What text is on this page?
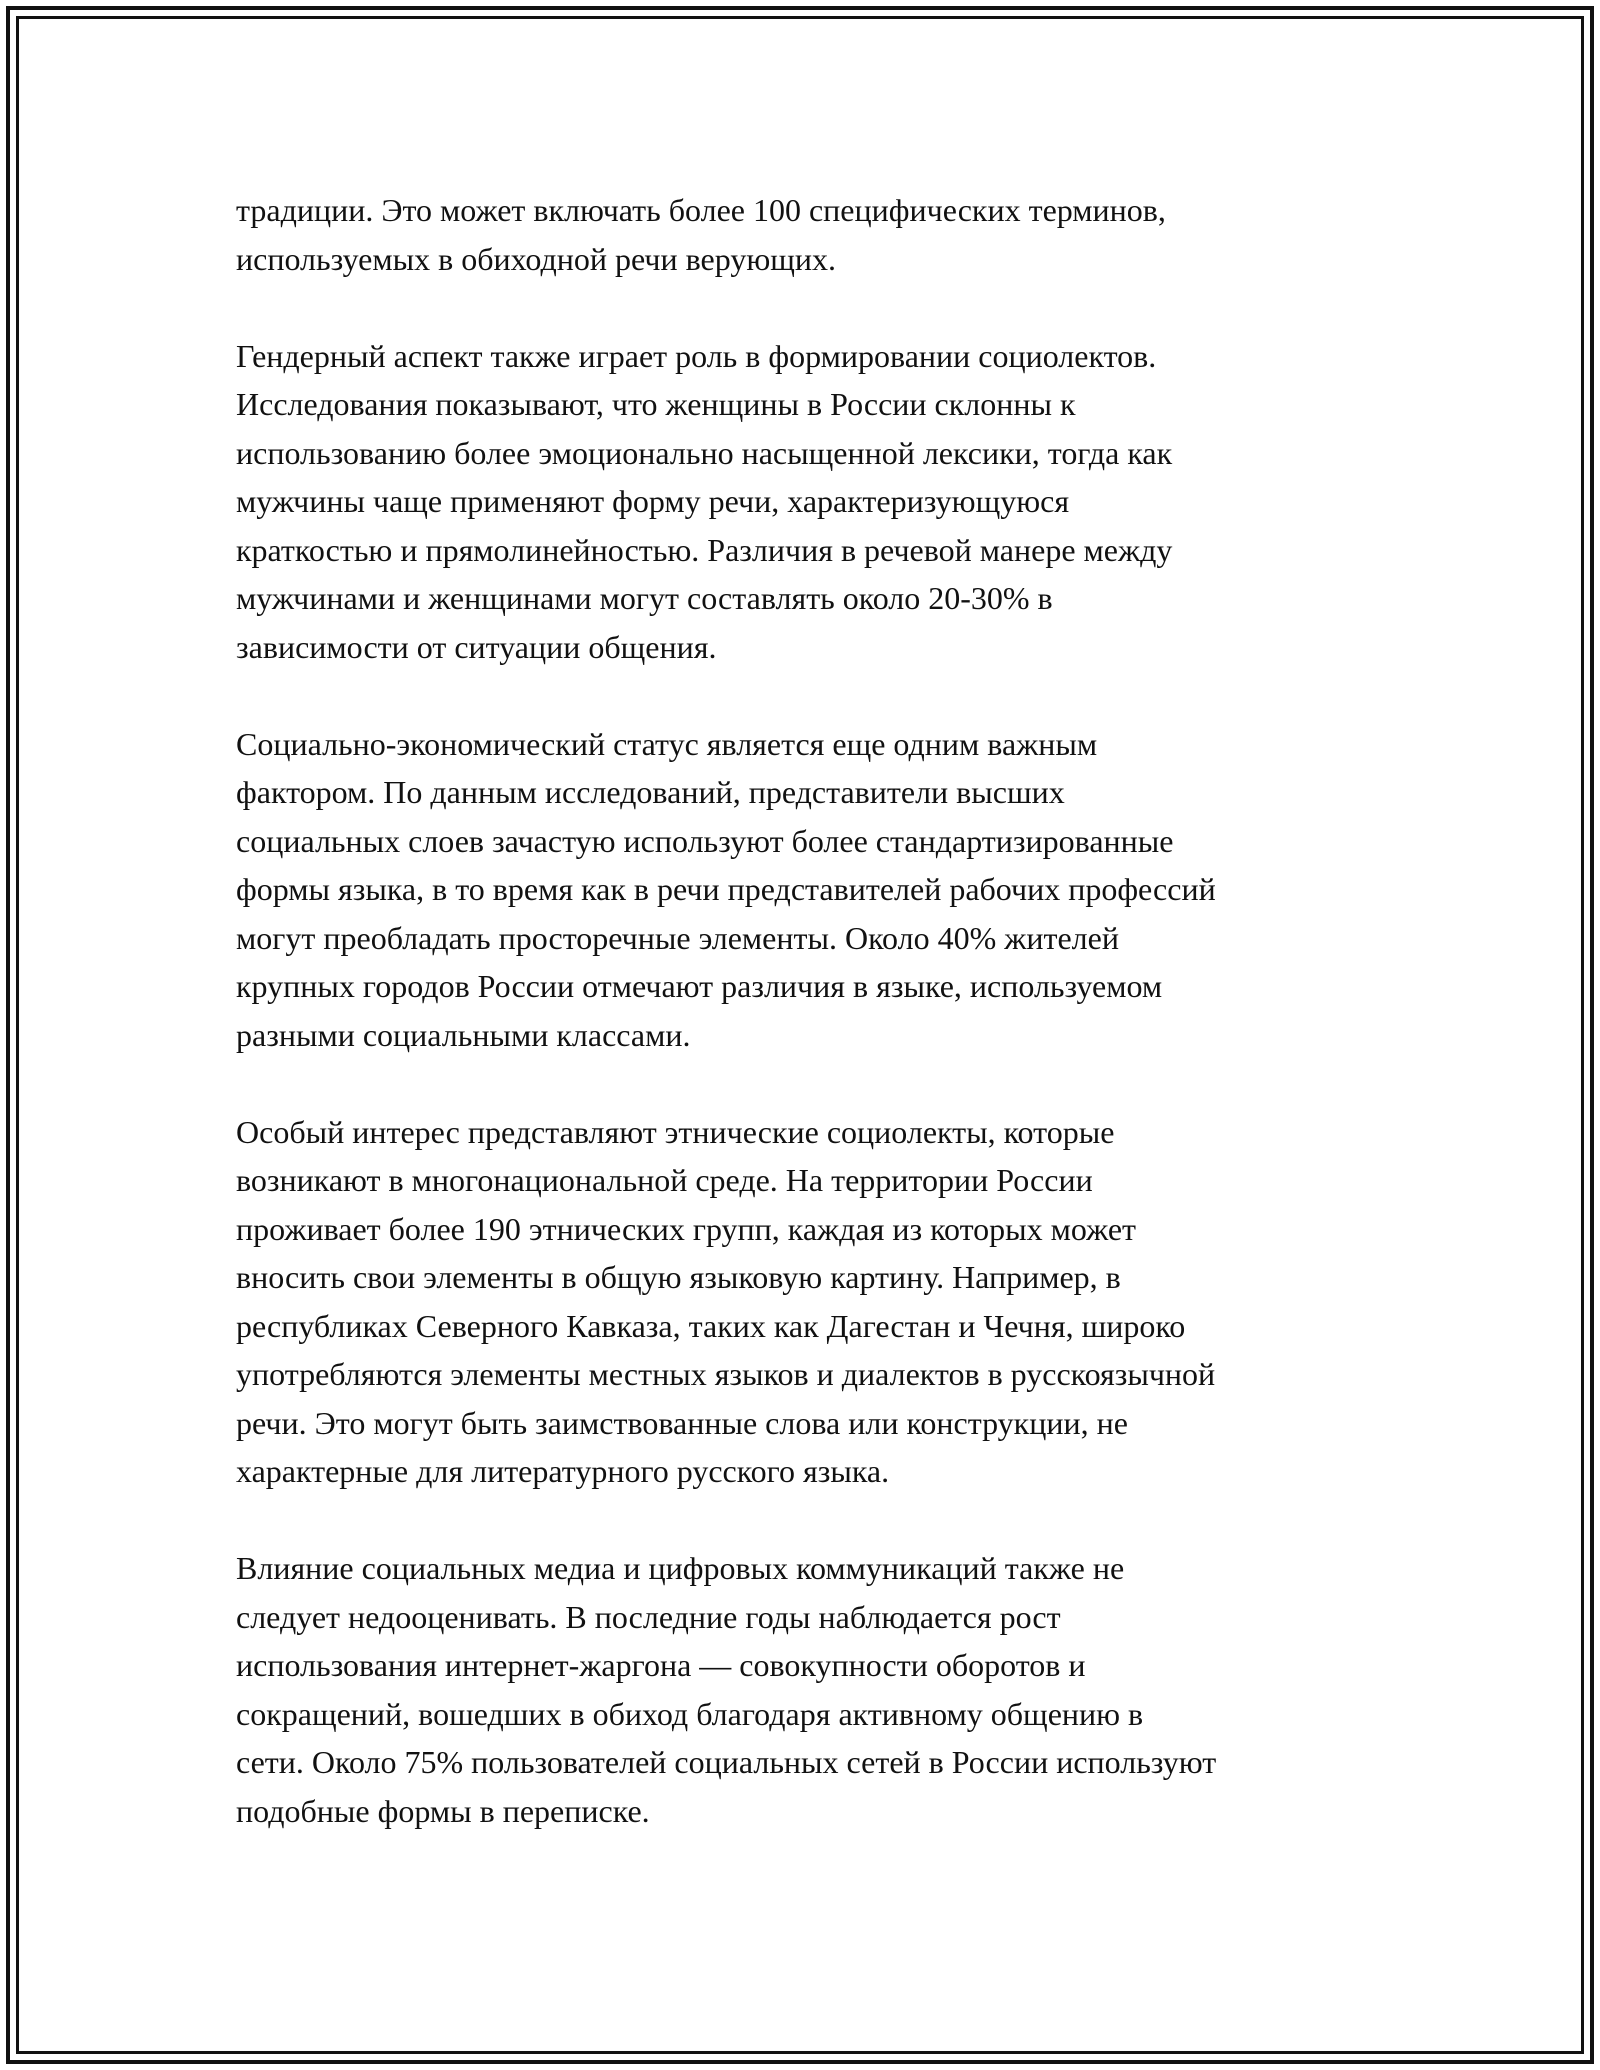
традиции. Это может включать более 100 специфических терминов,
используемых в обиходной речи верующих.

Гендерный аспект также играет роль в формировании социолектов.
Исследования показывают, что женщины в России склонны к
использованию более эмоционально насыщенной лексики, тогда как
мужчины чаще применяют форму речи, характеризующуюся
краткостью и прямолинейностью. Различия в речевой манере между
мужчинами и женщинами могут составлять около 20-30% в
зависимости от ситуации общения.

Социально-экономический статус является еще одним важным
фактором. По данным исследований, представители высших
социальных слоев зачастую используют более стандартизированные
формы языка, в то время как в речи представителей рабочих профессий
могут преобладать просторечные элементы. Около 40% жителей
крупных городов России отмечают различия в языке, используемом
разными социальными классами.

Особый интерес представляют этнические социолекты, которые
возникают в многонациональной среде. На территории России
проживает более 190 этнических групп, каждая из которых может
вносить свои элементы в общую языковую картину. Например, в
республиках Северного Кавказа, таких как Дагестан и Чечня, широко
употребляются элементы местных языков и диалектов в русскоязычной
речи. Это могут быть заимствованные слова или конструкции, не
характерные для литературного русского языка.

Влияние социальных медиа и цифровых коммуникаций также не
следует недооценивать. В последние годы наблюдается рост
использования интернет-жаргона — совокупности оборотов и
сокращений, вошедших в обиход благодаря активному общению в
сети. Около 75% пользователей социальных сетей в России используют
подобные формы в переписке.
